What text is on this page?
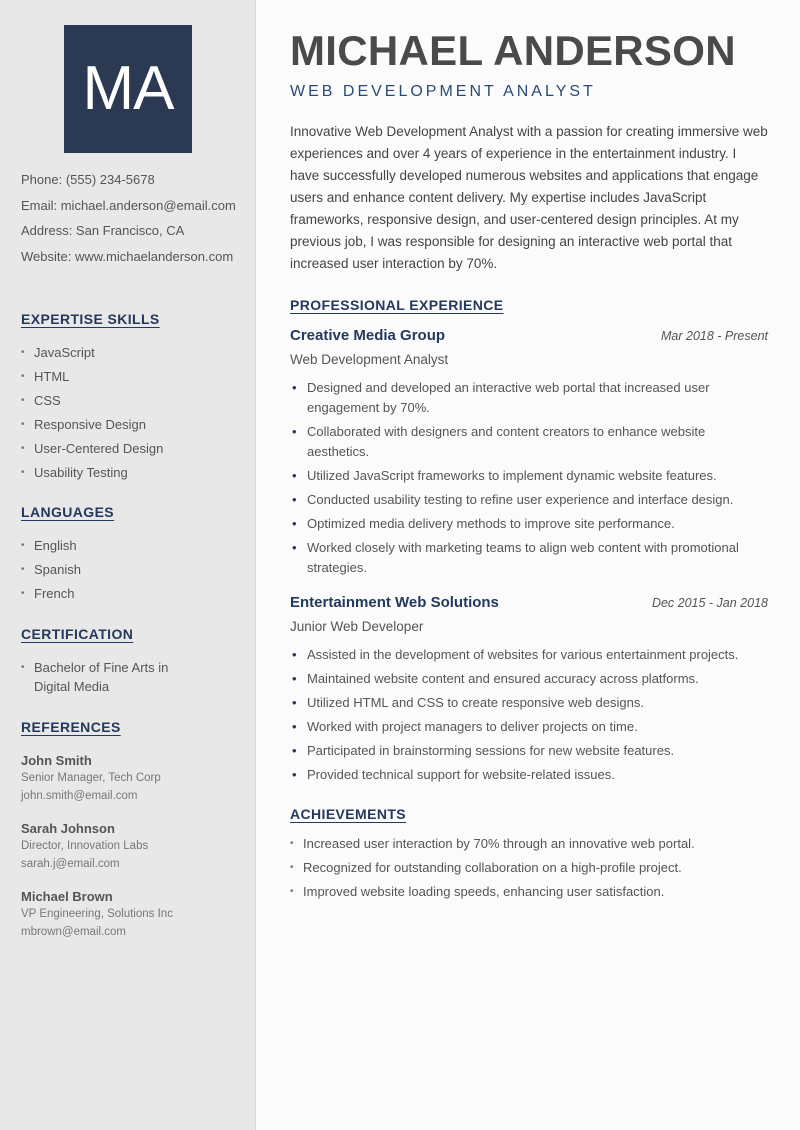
MA
Phone: (555) 234-5678
Email: michael.anderson@email.com
Address: San Francisco, CA
Website: www.michaelanderson.com
EXPERTISE SKILLS
• JavaScript
• HTML
• CSS
• Responsive Design
• User-Centered Design
• Usability Testing
LANGUAGES
• English
• Spanish
• French
CERTIFICATION
• Bachelor of Fine Arts in Digital Media
REFERENCES
John Smith
Senior Manager, Tech Corp
john.smith@email.com
Sarah Johnson
Director, Innovation Labs
sarah.j@email.com
Michael Brown
VP Engineering, Solutions Inc
mbrown@email.com
MICHAEL ANDERSON
WEB DEVELOPMENT ANALYST

Innovative Web Development Analyst with a passion for creating immersive web experiences and over 4 years of experience in the entertainment industry. I have successfully developed numerous websites and applications that engage users and enhance content delivery. My expertise includes JavaScript frameworks, responsive design, and user-centered design principles. At my previous job, I was responsible for designing an interactive web portal that increased user interaction by 70%.

PROFESSIONAL EXPERIENCE
Creative Media Group	Mar 2018 - Present
Web Development Analyst
• Designed and developed an interactive web portal that increased user engagement by 70%.
• Collaborated with designers and content creators to enhance website aesthetics.
• Utilized JavaScript frameworks to implement dynamic website features.
• Conducted usability testing to refine user experience and interface design.
• Optimized media delivery methods to improve site performance.
• Worked closely with marketing teams to align web content with promotional strategies.
Entertainment Web Solutions	Dec 2015 - Jan 2018
Junior Web Developer
• Assisted in the development of websites for various entertainment projects.
• Maintained website content and ensured accuracy across platforms.
• Utilized HTML and CSS to create responsive web designs.
• Worked with project managers to deliver projects on time.
• Participated in brainstorming sessions for new website features.
• Provided technical support for website-related issues.
ACHIEVEMENTS
• Increased user interaction by 70% through an innovative web portal.
• Recognized for outstanding collaboration on a high-profile project.
• Improved website loading speeds, enhancing user satisfaction.
